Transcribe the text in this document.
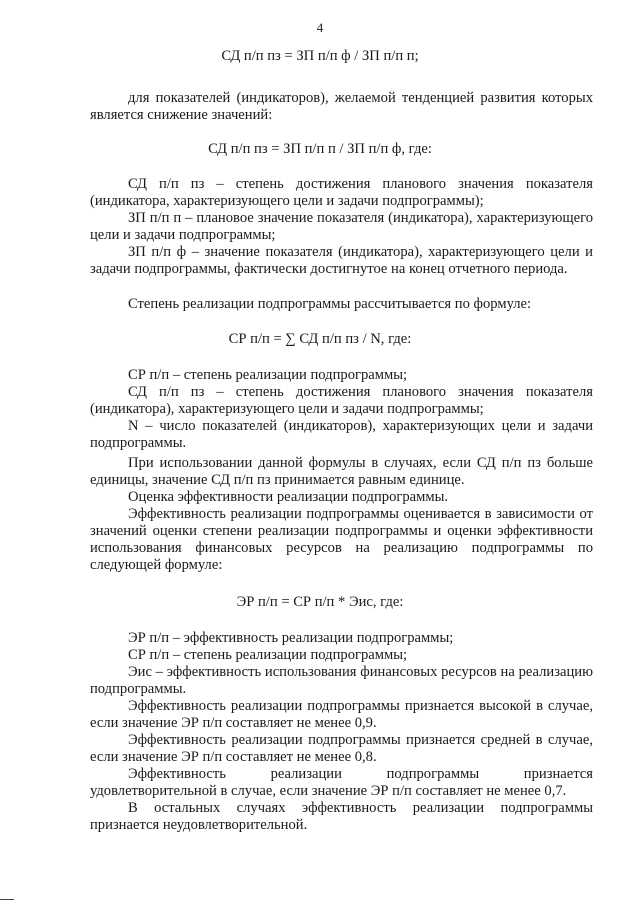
4
СД п/п пз = ЗП п/п ф / ЗП п/п п;
для показателей (индикаторов), желаемой тенденцией развития которых является снижение значений:
СД п/п пз = ЗП п/п п / ЗП п/п ф, где:
СД п/п пз – степень достижения планового значения показателя (индикатора, характеризующего цели и задачи подпрограммы);
ЗП п/п п – плановое значение показателя (индикатора), характеризующего цели и задачи подпрограммы;
ЗП п/п ф – значение показателя (индикатора), характеризующего цели и задачи подпрограммы, фактически достигнутое на конец отчетного периода.
Степень реализации подпрограммы рассчитывается по формуле:
СР п/п = ∑ СД п/п пз / N, где:
СР п/п – степень реализации подпрограммы;
СД п/п пз – степень достижения планового значения показателя (индикатора), характеризующего цели и задачи подпрограммы;
N – число показателей (индикаторов), характеризующих цели и задачи подпрограммы.
При использовании данной формулы в случаях, если СД п/п пз больше единицы, значение СД п/п пз принимается равным единице.
Оценка эффективности реализации подпрограммы.
Эффективность реализации подпрограммы оценивается в зависимости от значений оценки степени реализации подпрограммы и оценки эффективности использования финансовых ресурсов на реализацию подпрограммы по следующей формуле:
ЭР п/п = СР п/п * Эис, где:
ЭР п/п – эффективность реализации подпрограммы;
СР п/п – степень реализации подпрограммы;
Эис – эффективность использования финансовых ресурсов на реализацию подпрограммы.
Эффективность реализации подпрограммы признается высокой в случае, если значение ЭР п/п составляет не менее 0,9.
Эффективность реализации подпрограммы признается средней в случае, если значение ЭР п/п составляет не менее 0,8.
Эффективность реализации подпрограммы признается удовлетворительной в случае, если значение ЭР п/п составляет не менее 0,7.
В остальных случаях эффективность реализации подпрограммы признается неудовлетворительной.
